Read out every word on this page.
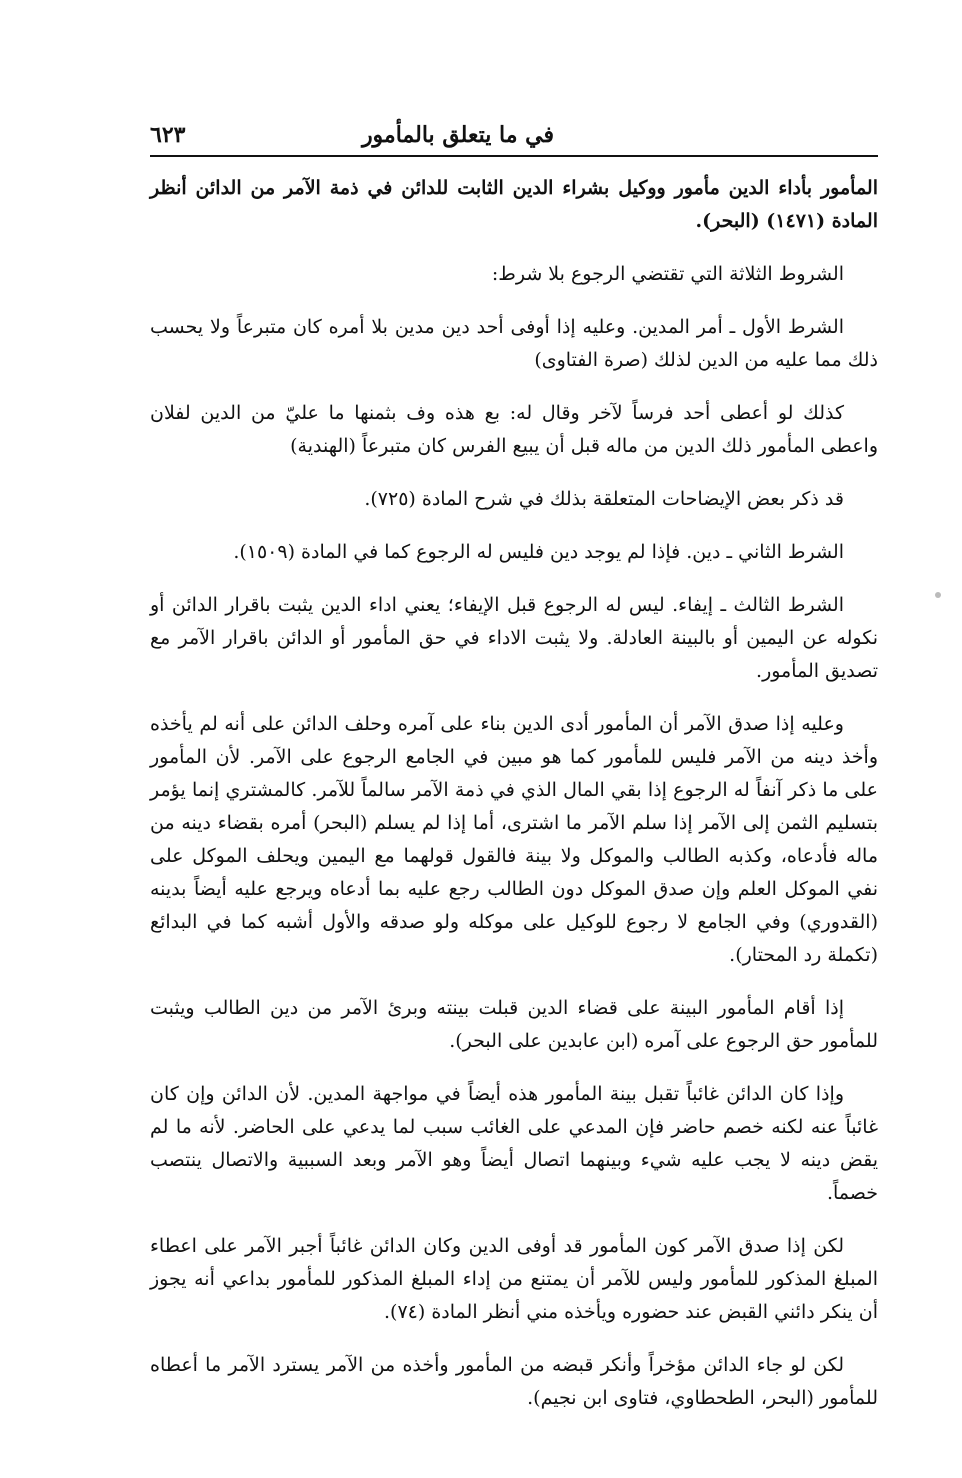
في ما يتعلق بالمأمور
٦٢٣

المأمور بأداء الدين مأمور ووكيل بشراء الدين الثابت للدائن في ذمة الآمر من الدائن أنظر المادة (١٤٧١) (البحر).

الشروط الثلاثة التي تقتضي الرجوع بلا شرط:

الشرط الأول ـ أمر المدين. وعليه إذا أوفى أحد دين مدين بلا أمره كان متبرعاً ولا يحسب ذلك مما عليه من الدين لذلك (صرة الفتاوى)

كذلك لو أعطى أحد فرساً لآخر وقال له: بع هذه وف بثمنها ما عليّ من الدين لفلان واعطى المأمور ذلك الدين من ماله قبل أن يبيع الفرس كان متبرعاً (الهندية)

قد ذكر بعض الإيضاحات المتعلقة بذلك في شرح المادة (٧٢٥).

الشرط الثاني ـ دين. فإذا لم يوجد دين فليس له الرجوع كما في المادة (١٥٠٩).

الشرط الثالث ـ إيفاء. ليس له الرجوع قبل الإيفاء؛ يعني اداء الدين يثبت باقرار الدائن أو نكوله عن اليمين أو بالبينة العادلة. ولا يثبت الاداء في حق المأمور أو الدائن باقرار الآمر مع تصديق المأمور.

وعليه إذا صدق الآمر أن المأمور أدى الدين بناء على آمره وحلف الدائن على أنه لم يأخذه وأخذ دينه من الآمر فليس للمأمور كما هو مبين في الجامع الرجوع على الآمر. لأن المأمور على ما ذكر آنفاً له الرجوع إذا بقي المال الذي في ذمة الآمر سالماً للآمر. كالمشتري إنما يؤمر بتسليم الثمن إلى الآمر إذا سلم الآمر ما اشترى، أما إذا لم يسلم (البحر) أمره بقضاء دينه من ماله فأدعاه، وكذبه الطالب والموكل ولا بينة فالقول قولهما مع اليمين ويحلف الموكل على نفي الموكل العلم وإن صدق الموكل دون الطالب رجع عليه بما أدعاه ويرجع عليه أيضاً بدينه (القدوري) وفي الجامع لا رجوع للوكيل على موكله ولو صدقه والأول أشبه كما في البدائع (تكملة رد المحتار).

إذا أقام المأمور البينة على قضاء الدين قبلت بينته وبرئ الآمر من دين الطالب ويثبت للمأمور حق الرجوع على آمره (ابن عابدين على البحر).

وإذا كان الدائن غائباً تقبل بينة المأمور هذه أيضاً في مواجهة المدين. لأن الدائن وإن كان غائباً عنه لكنه خصم حاضر فإن المدعي على الغائب سبب لما يدعي على الحاضر. لأنه ما لم يقض دينه لا يجب عليه شيء وبينهما اتصال أيضاً وهو الآمر وبعد السببية والاتصال ينتصب خصماً.

لكن إذا صدق الآمر كون المأمور قد أوفى الدين وكان الدائن غائباً أجبر الآمر على اعطاء المبلغ المذكور للمأمور وليس للآمر أن يمتنع من إداء المبلغ المذكور للمأمور بداعي أنه يجوز أن ينكر دائني القبض عند حضوره ويأخذه مني أنظر المادة (٧٤).

لكن لو جاء الدائن مؤخراً وأنكر قبضه من المأمور وأخذه من الآمر يسترد الآمر ما أعطاه للمأمور (البحر، الطحطاوي، فتاوى ابن نجيم).
